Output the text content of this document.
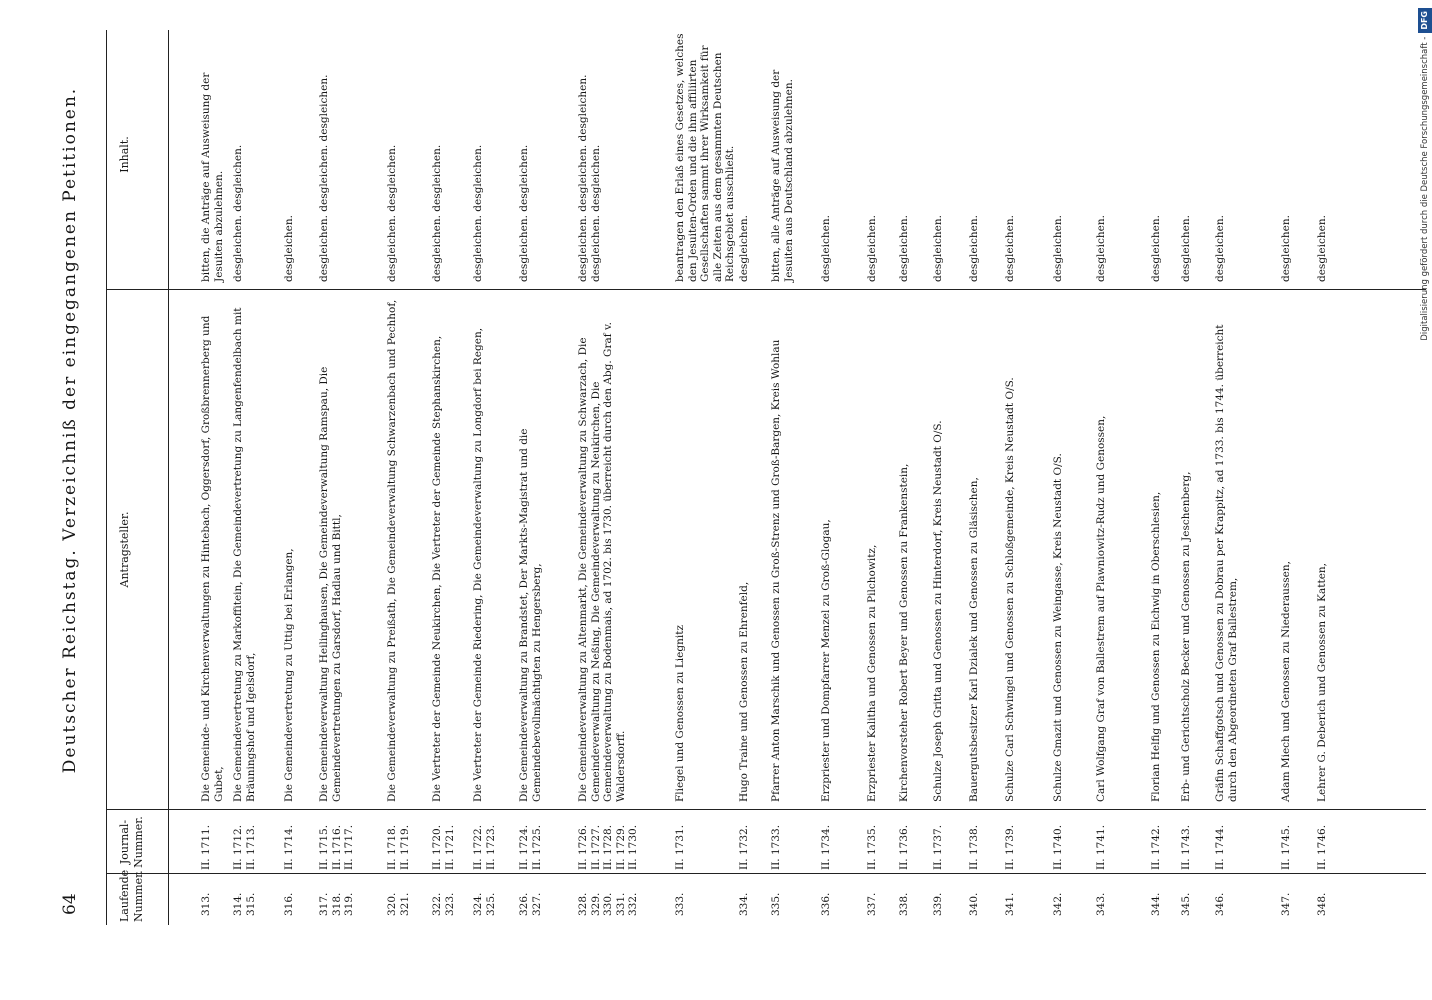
64
Deutscher Reichstag. Verzeichniß der eingegangenen Petitionen.
Laufende Nummer.
Journal-Nummer.
Antragsteller.
Inhalt.
313.
II. 1711.
Die Gemeinde- und Kirchenverwaltungen zu Hintebach, Oggersdorf, Großbrennerberg und Gubet,
bitten, die Anträge auf Ausweisung der Jesuiten abzulehnen.
314. 315.
II. 1712. II. 1713.
Die Gemeindevertretung zu Markoffitein, Die Gemeindevertretung zu Langenfendelbach mit Bräuningshof und Igelsdorf,
desgleichen. desgleichen.
316.
II. 1714.
Die Gemeindevertretung zu Uttig bei Erlangen,
desgleichen.
317. 318. 319.
II. 1715. II. 1716. II. 1717.
Die Gemeindeverwaltung Heilinghausen, Die Gemeindeverwaltung Ramspau, Die Gemeindevertretungen zu Garsdorf, Hadlau und Bittl,
desgleichen. desgleichen. desgleichen.
320. 321.
II. 1718. II. 1719.
Die Gemeindeverwaltung zu Preißath, Die Gemeindeverwaltung Schwarzenbach und Pechhof,
desgleichen. desgleichen.
322. 323.
II. 1720. II. 1721.
Die Vertreter der Gemeinde Neukirchen, Die Vertreter der Gemeinde Stephanskirchen,
desgleichen. desgleichen.
324. 325.
II. 1722. II. 1723.
Die Vertreter der Gemeinde Riedering, Die Gemeindeverwaltung zu Longdorf bei Regen,
desgleichen. desgleichen.
326. 327.
II. 1724. II. 1725.
Die Gemeindeverwaltung zu Brandstet, Der Markts-Magistrat und die Gemeindebevollmächtigten zu Hengersberg,
desgleichen. desgleichen.
328. 329. 330. 331. 332.
II. 1726. II. 1727. II. 1728. II. 1729. II. 1730.
Die Gemeindeverwaltung zu Altenmarkt, Die Gemeindeverwaltung zu Schwarzach, Die Gemeindeverwaltung zu Neßing, Die Gemeindeverwaltung zu Neukirchen, Die Gemeindeverwaltung zu Bodenmais, ad 1702. bis 1730. überreicht durch den Abg. Graf v. Waldersdorff.
desgleichen. desgleichen. desgleichen. desgleichen. desgleichen.
333.
II. 1731.
Fliegel und Genossen zu Liegnitz
beantragen den Erlaß eines Gesetzes, welches den Jesuiten-Orden und die ihm affiliirten Gesellschaften sammt ihrer Wirksamkeit für alle Zeiten aus dem gesammten Deutschen Reichsgebiet ausschließt.
334.
II. 1732.
Hugo Traine und Genossen zu Ehrenfeld,
desgleichen.
335.
II. 1733.
Pfarrer Anton Marschik und Genossen zu Groß-Strenz und Groß-Bargen, Kreis Wohlau
bitten, alle Anträge auf Ausweisung der Jesuiten aus Deutschland abzulehnen.
336.
II. 1734.
Erzpriester und Dompfarrer Menzel zu Groß-Glogau,
desgleichen.
337.
II. 1735.
Erzpriester Kalitha und Genossen zu Pilchowitz,
desgleichen.
338.
II. 1736.
Kirchenvorsteher Robert Beyer und Genossen zu Frankenstein,
desgleichen.
339.
II. 1737.
Schulze Joseph Gritta und Genossen zu Hinterdorf, Kreis Neustadt O/S.
desgleichen.
340.
II. 1738.
Bauergutsbesitzer Karl Dzialek und Genossen zu Gläsischen,
desgleichen.
341.
II. 1739.
Schulze Carl Schwingel und Genossen zu Schloßgemeinde, Kreis Neustadt O/S.
desgleichen.
342.
II. 1740.
Schulze Gmazit und Genossen zu Weingasse, Kreis Neustadt O/S.
desgleichen.
343.
II. 1741.
Carl Wolfgang Graf von Ballestrem auf Plawniowitz-Rudz und Genossen,
desgleichen.
344.
II. 1742.
Florian Helfig und Genossen zu Eichwig in Oberschlesien,
desgleichen.
345.
II. 1743.
Erb- und Gerichtscholz Becker und Genossen zu Jeschenberg,
desgleichen.
346.
II. 1744.
Gräfin Schaffgotsch und Genossen zu Dobrau per Krappitz, ad 1733. bis 1744. überreicht durch den Abgeordneten Graf Ballestrem,
desgleichen.
347.
II. 1745.
Adam Miech und Genossen zu Niederaussen,
desgleichen.
348.
II. 1746.
Lehrer G. Deberich und Genossen zu Katten,
desgleichen.	Digitalisierung gefördert durch die Deutsche Forschungsgemeinschaft -
DFG
